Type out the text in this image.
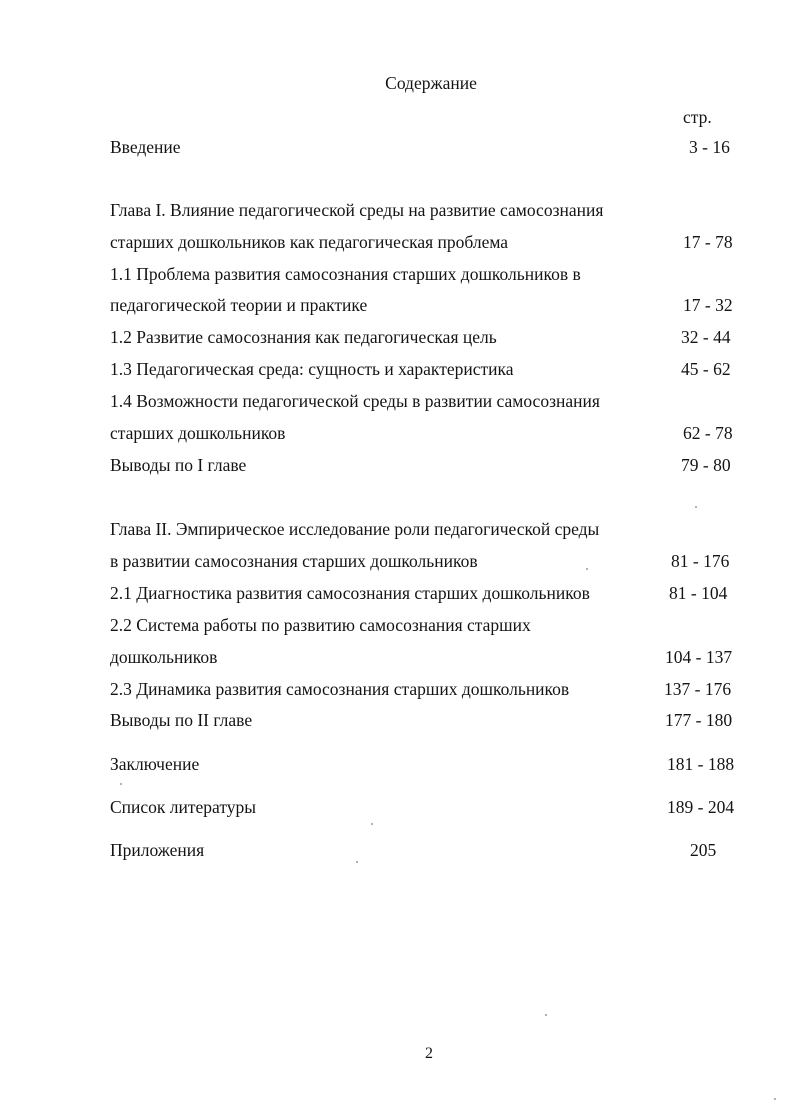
Содержание
стр.
Введение	3 - 16
Глава I. Влияние педагогической среды на развитие самосознания
старших дошкольников как педагогическая проблема	17 - 78
1.1 Проблема развития самосознания старших дошкольников в
педагогической теории и практике	17 - 32
1.2 Развитие самосознания как педагогическая цель	32 - 44
1.3 Педагогическая среда: сущность и характеристика	45 - 62
1.4 Возможности педагогической среды в развитии самосознания
старших дошкольников	62 - 78
Выводы по I главе	79 - 80
Глава II. Эмпирическое исследование роли педагогической среды
в развитии самосознания старших дошкольников	81 - 176
2.1 Диагностика развития самосознания старших дошкольников	81 - 104
2.2 Система работы по развитию самосознания старших
дошкольников	104 - 137
2.3 Динамика развития самосознания старших дошкольников	137 - 176
Выводы по II главе	177 - 180
Заключение	181 - 188
Список литературы	189 - 204
Приложения	205
2
